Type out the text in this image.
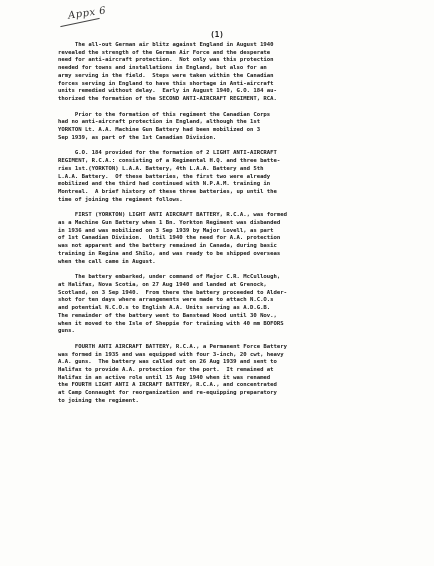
Appx 6
(1)

The all-out German air blitz against England in August 1940
revealed the strength of the German Air Force and the desperate
need for anti-aircraft protection.  Not only was this protection
needed for towns and installations in England, but also for an
army serving in the field.  Steps were taken within the Canadian
forces serving in England to have this shortage in Anti-aircraft
units remedied without delay.  Early in August 1940, G.O. 184 au-
thorized the formation of the SECOND ANTI-AIRCRAFT REGIMENT, RCA.

Prior to the formation of this regiment the Canadian Corps
had no anti-aircraft protection in England, although the 1st
YORKTON Lt. A.A. Machine Gun Battery had been mobilized on 3
Sep 1939, as part of the 1st Canadian Division.

G.O. 184 provided for the formation of 2 LIGHT ANTI-AIRCRAFT
REGIMENT, R.C.A.: consisting of a Regimental H.Q. and three batte-
ries 1st.(YORKTON) L.A.A. Battery, 4th L.A.A. Battery and 5th
L.A.A. Battery.  Of these batteries, the first two were already
mobilized and the third had continued with N.P.A.M. training in
Montreal.  A brief history of these three batteries, up until the
time of joining the regiment follows.

FIRST (YORKTON) LIGHT ANTI AIRCRAFT BATTERY, R.C.A., was formed
as a Machine Gun Battery when 1 Bn. Yorkton Regiment was disbanded
in 1936 and was mobilized on 3 Sep 1939 by Major Lovell, as part
of 1st Canadian Division.  Until 1940 the need for A.A. protection
was not apparent and the battery remained in Canada, during basic
training in Regina and Shilo, and was ready to be shipped overseas
when the call came in August.

The battery embarked, under command of Major C.R. McCullough,
at Halifax, Nova Scotia, on 27 Aug 1940 and landed at Grenock,
Scotland, on 3 Sep 1940.  From there the battery proceeded to Alder-
shot for ten days where arrangements were made to attach N.C.O.s
and potential N.C.O.s to English A.A. Units serving as A.D.G.B.
The remainder of the battery went to Banstead Wood until 30 Nov.,
when it moved to the Isle of Sheppie for training with 40 mm BOFORS
guns.

FOURTH ANTI AIRCRAFT BATTERY, R.C.A., a Permanent Force Battery
was formed in 1935 and was equipped with four 3-inch, 20 cwt, heavy
A.A. guns.  The battery was called out on 26 Aug 1939 and sent to
Halifax to provide A.A. protection for the port.  It remained at
Halifax in an active role until 15 Aug 1940 when it was renamed
the FOURTH LIGHT ANTI A IRCRAFT BATTERY, R.C.A., and concentrated
at Camp Connaught for reorganization and re-equipping preparatory
to joining the regiment.
